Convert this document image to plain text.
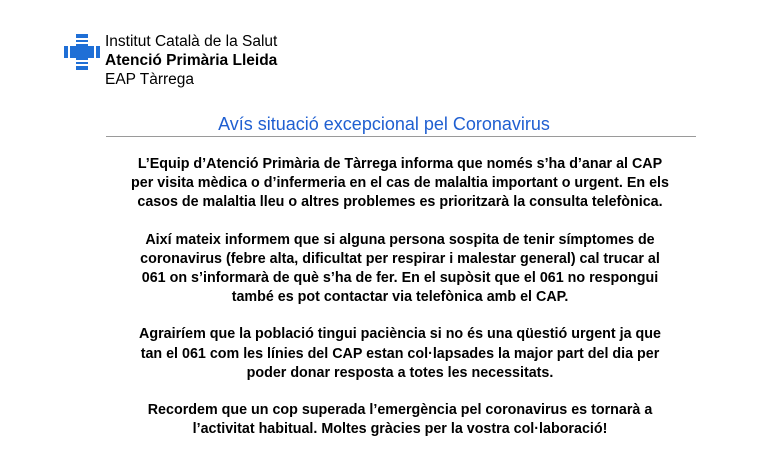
Institut Català de la Salut
Atenció Primària Lleida
EAP Tàrrega
Avís situació excepcional pel Coronavirus
L’Equip d’Atenció Primària de Tàrrega informa que només s’ha d’anar al CAP
per visita mèdica o d’infermeria en el cas de malaltia important o urgent. En els
casos de malaltia lleu o altres problemes es prioritzarà la consulta telefònica.
Així mateix informem que si alguna persona sospita de tenir símptomes de
coronavirus (febre alta, dificultat per respirar i malestar general) cal trucar al
061 on s’informarà de què s’ha de fer. En el supòsit que el 061 no respongui
també es pot contactar via telefònica amb el CAP.
Agrairíem que la població tingui paciència si no és una qüestió urgent ja que
tan el 061 com les línies del CAP estan col·lapsades la major part del dia per
poder donar resposta a totes les necessitats.
Recordem que un cop superada l’emergència pel coronavirus es tornarà a
l’activitat habitual. Moltes gràcies per la vostra col·laboració!
